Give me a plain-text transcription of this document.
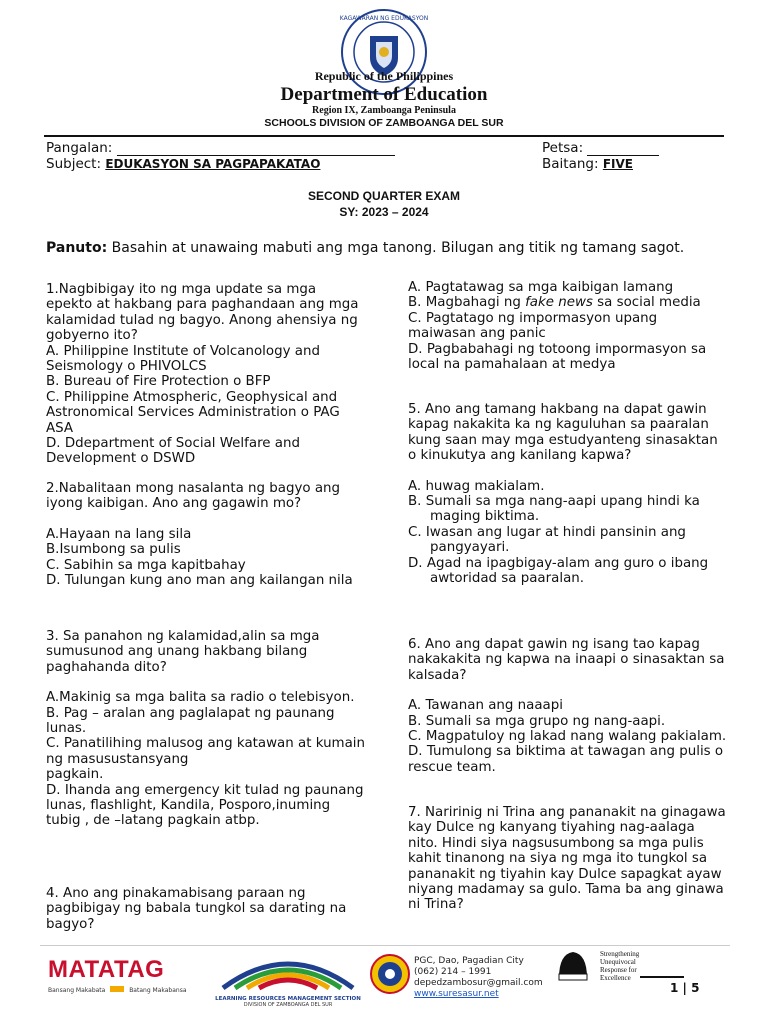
KAGAWARAN NG EDUKASYON
Republic of the Philippines
Department of Education
Region IX, Zamboanga Peninsula
SCHOOLS DIVISION OF ZAMBOANGA DEL SUR
Pangalan:	Petsa:
Subject: EDUKASYON SA PAGPAPAKATAO	Baitang: FIVE
SECOND QUARTER EXAM
SY: 2023 – 2024
Panuto: Basahin at unawaing mabuti ang mga tanong. Bilugan ang titik ng tamang sagot.

1.Nagbibigay ito ng mga update sa mga epekto at hakbang para paghandaan ang mga kalamidad tulad ng bagyo. Anong ahensiya ng gobyerno ito?

A. Philippine Institute of Volcanology and Seismology o PHIVOLCS

B. Bureau of Fire Protection o BFP

C. Philippine Atmospheric, Geophysical and Astronomical Services Administration o PAG ASA

D. Ddepartment of Social Welfare and Development o DSWD

2.Nabalitaan mong nasalanta ng bagyo ang iyong kaibigan. Ano ang gagawin mo?

A.Hayaan na lang sila

B.Isumbong sa pulis

C. Sabihin sa mga kapitbahay

D. Tulungan kung ano man ang kailangan nila

3. Sa panahon ng kalamidad,alin sa mga sumusunod ang unang hakbang bilang paghahanda dito?

A.Makinig sa mga balita sa radio o telebisyon.

B. Pag – aralan ang paglalapat ng paunang lunas.

C. Panatilihing malusog ang katawan at kumain ng masusustansyang

pagkain.

D. Ihanda ang emergency kit tulad ng paunang lunas, flashlight, Kandila, Posporo,inuming tubig , de –latang pagkain atbp.

4. Ano ang pinakamabisang paraan ng pagbibigay ng babala tungkol sa darating na bagyo?

A. Pagtatawag sa mga kaibigan lamang

B. Magbahagi ng fake news sa social media

C. Pagtatago ng impormasyon upang maiwasan ang panic

D. Pagbabahagi ng totoong impormasyon sa local na pamahalaan at medya

5. Ano ang tamang hakbang na dapat gawin kapag nakakita ka ng kaguluhan sa paaralan kung saan may mga estudyanteng sinasaktan o kinukutya ang kanilang kapwa?

A. huwag makialam.

B. Sumali sa mga nang-aapi upang hindi ka maging biktima.

C. Iwasan ang lugar at hindi pansinin ang pangyayari.

D. Agad na ipagbigay-alam ang guro o ibang awtoridad sa paaralan.

6. Ano ang dapat gawin ng isang tao kapag nakakakita ng kapwa na inaapi o sinasaktan sa kalsada?

A. Tawanan ang naaapi

B. Sumali sa mga grupo ng nang-aapi.

C. Magpatuloy ng lakad nang walang pakialam.

D. Tumulong sa biktima at tawagan ang pulis o rescue team.

7. Naririnig ni Trina ang pananakit na ginagawa kay Dulce ng kanyang tiyahing nag-aalaga nito. Hindi siya nagsusumbong sa mga pulis kahit tinanong na siya ng mga ito tungkol sa pananakit ng tiyahin kay Dulce sapagkat ayaw niyang madamay sa gulo. Tama ba ang ginawa ni Trina?

MATATAG
Bansang Makabata	Batang Makabansa
LEARNING RESOURCES MANAGEMENT SECTION
DIVISION OF ZAMBOANGA DEL SUR
PGC, Dao, Pagadian City
(062) 214 – 1991
depedzambosur@gmail.com
www.suresasur.net
Strengthening
Unequivocal
Response for
Excellence
1 | 5
